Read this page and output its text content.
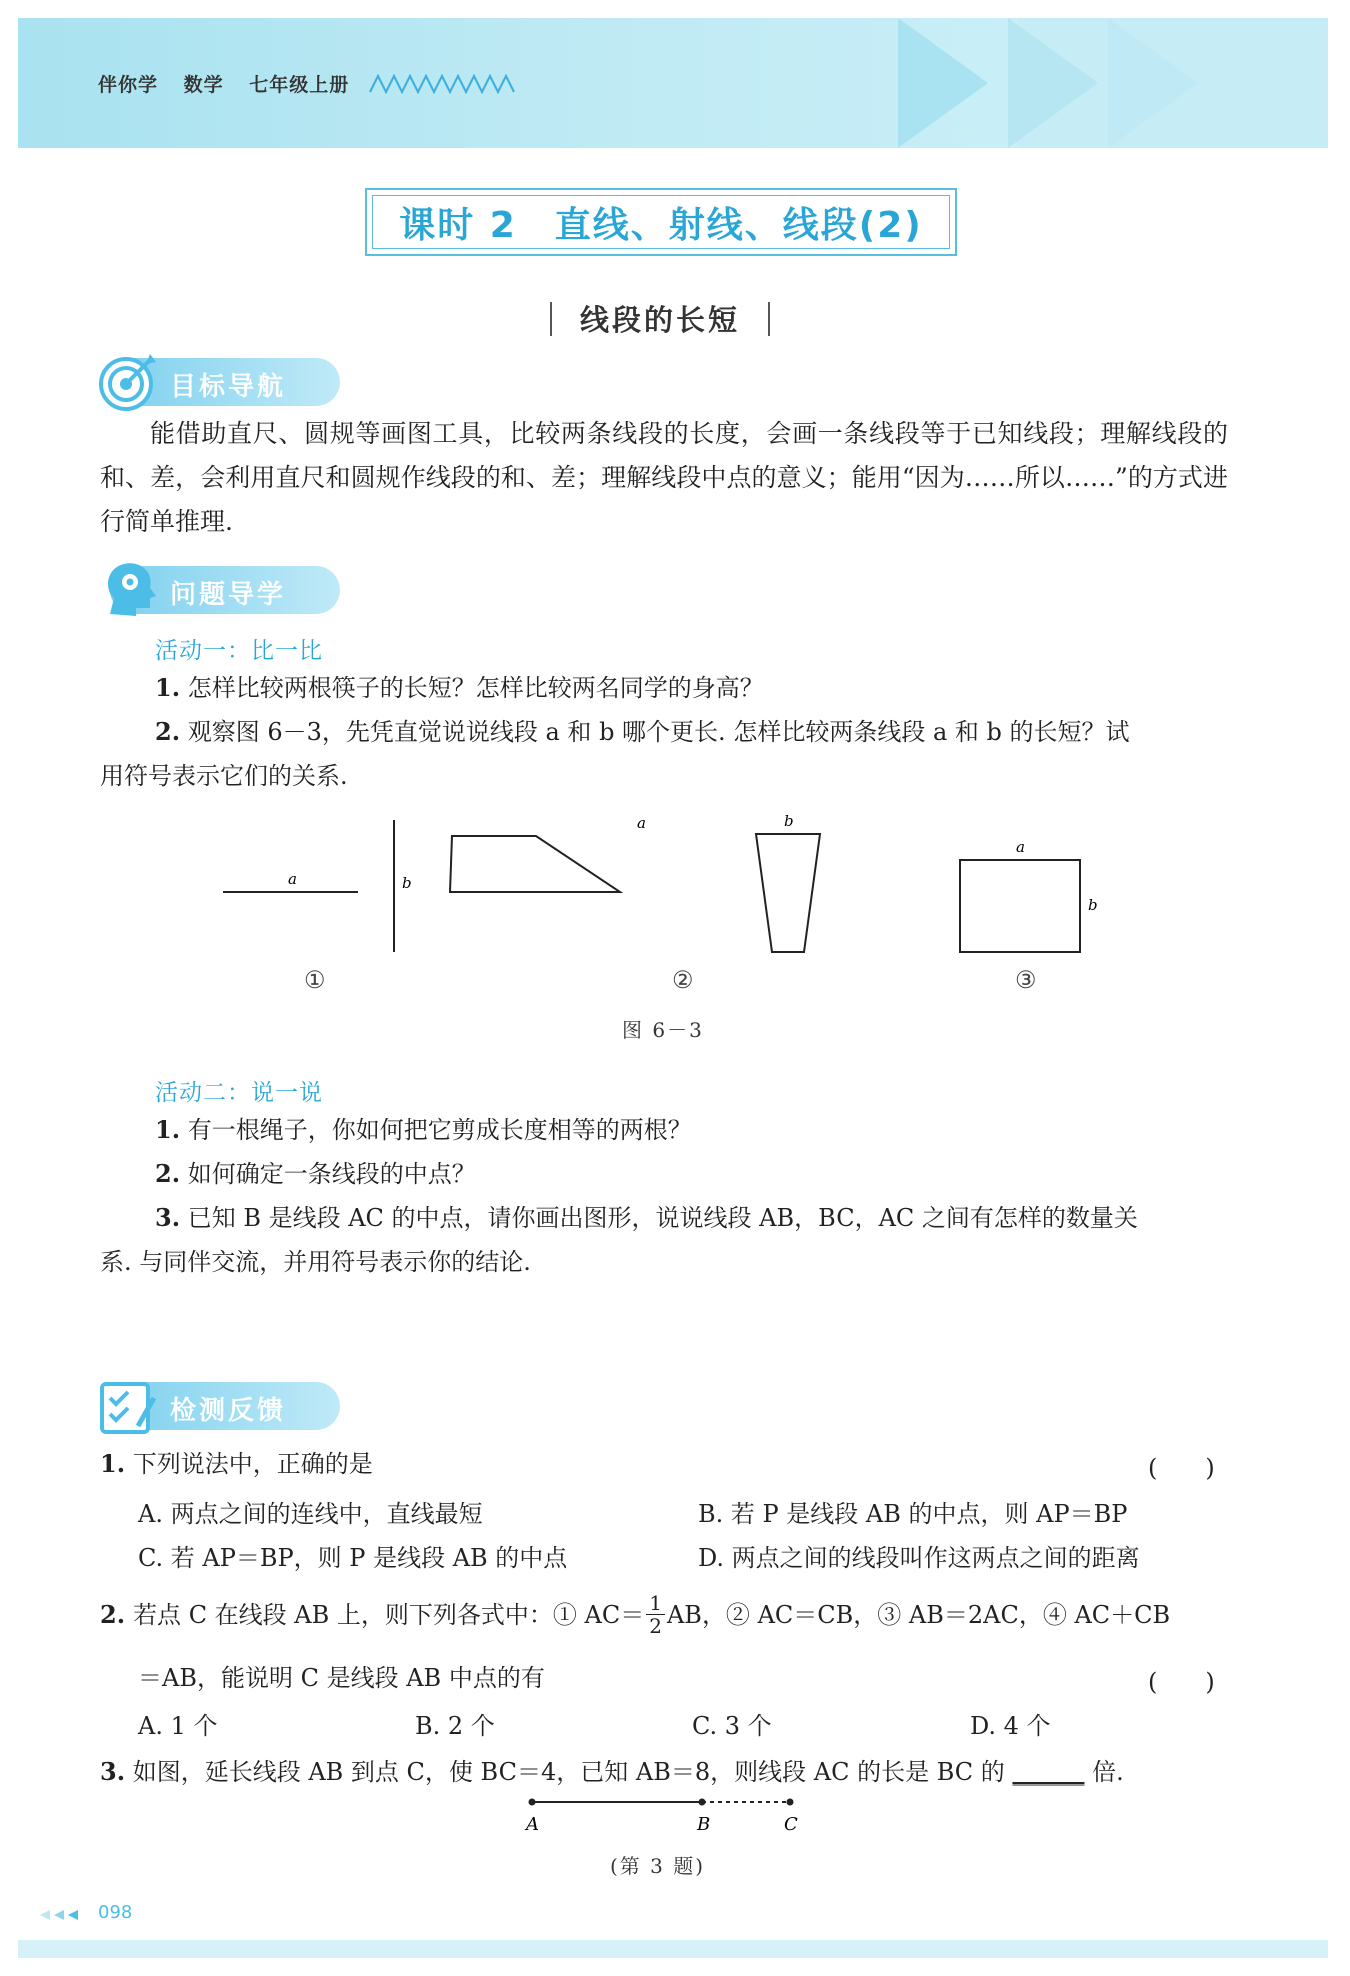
伴你学 数学 七年级上册
课时 2　直线、射线、线段(2)
线段的长短
目标导航
能借助直尺、圆规等画图工具，比较两条线段的长度，会画一条线段等于已知线段；理解线段的和、差，会利用直尺和圆规作线段的和、差；理解线段中点的意义；能用“因为……所以……”的方式进行简单推理.
问题导学
活动一：比一比
1. 怎样比较两根筷子的长短？怎样比较两名同学的身高？
2. 观察图 6－3，先凭直觉说说线段 a 和 b 哪个更长. 怎样比较两条线段 a 和 b 的长短？试
用符号表示它们的关系.
a	b
a	b
a
b
①	②	③
图 6－3
活动二：说一说
1. 有一根绳子，你如何把它剪成长度相等的两根？
2. 如何确定一条线段的中点？
3. 已知 B 是线段 AC 的中点，请你画出图形，说说线段 AB，BC，AC 之间有怎样的数量关
系. 与同伴交流，并用符号表示你的结论.
检测反馈
1. 下列说法中，正确的是	(　　)
A. 两点之间的连线中，直线最短	B. 若 P 是线段 AB 的中点，则 AP＝BP
C. 若 AP＝BP，则 P 是线段 AB 的中点	D. 两点之间的线段叫作这两点之间的距离
2. 若点 C 在线段 AB 上，则下列各式中：① $AC= \frac{1}{2}$ AB，② AC＝CB，③ AB＝2AC，④ AC＋CB
＝AB，能说明 C 是线段 AB 中点的有	(　　)
A. 1 个	B. 2 个	C. 3 个	D. 4 个
3. 如图，延长线段 AB 到点 C，使 BC＝4，已知 AB＝8，则线段 AC 的长是 BC 的 ______ 倍.
A	B	C
(第 3 题)
098
